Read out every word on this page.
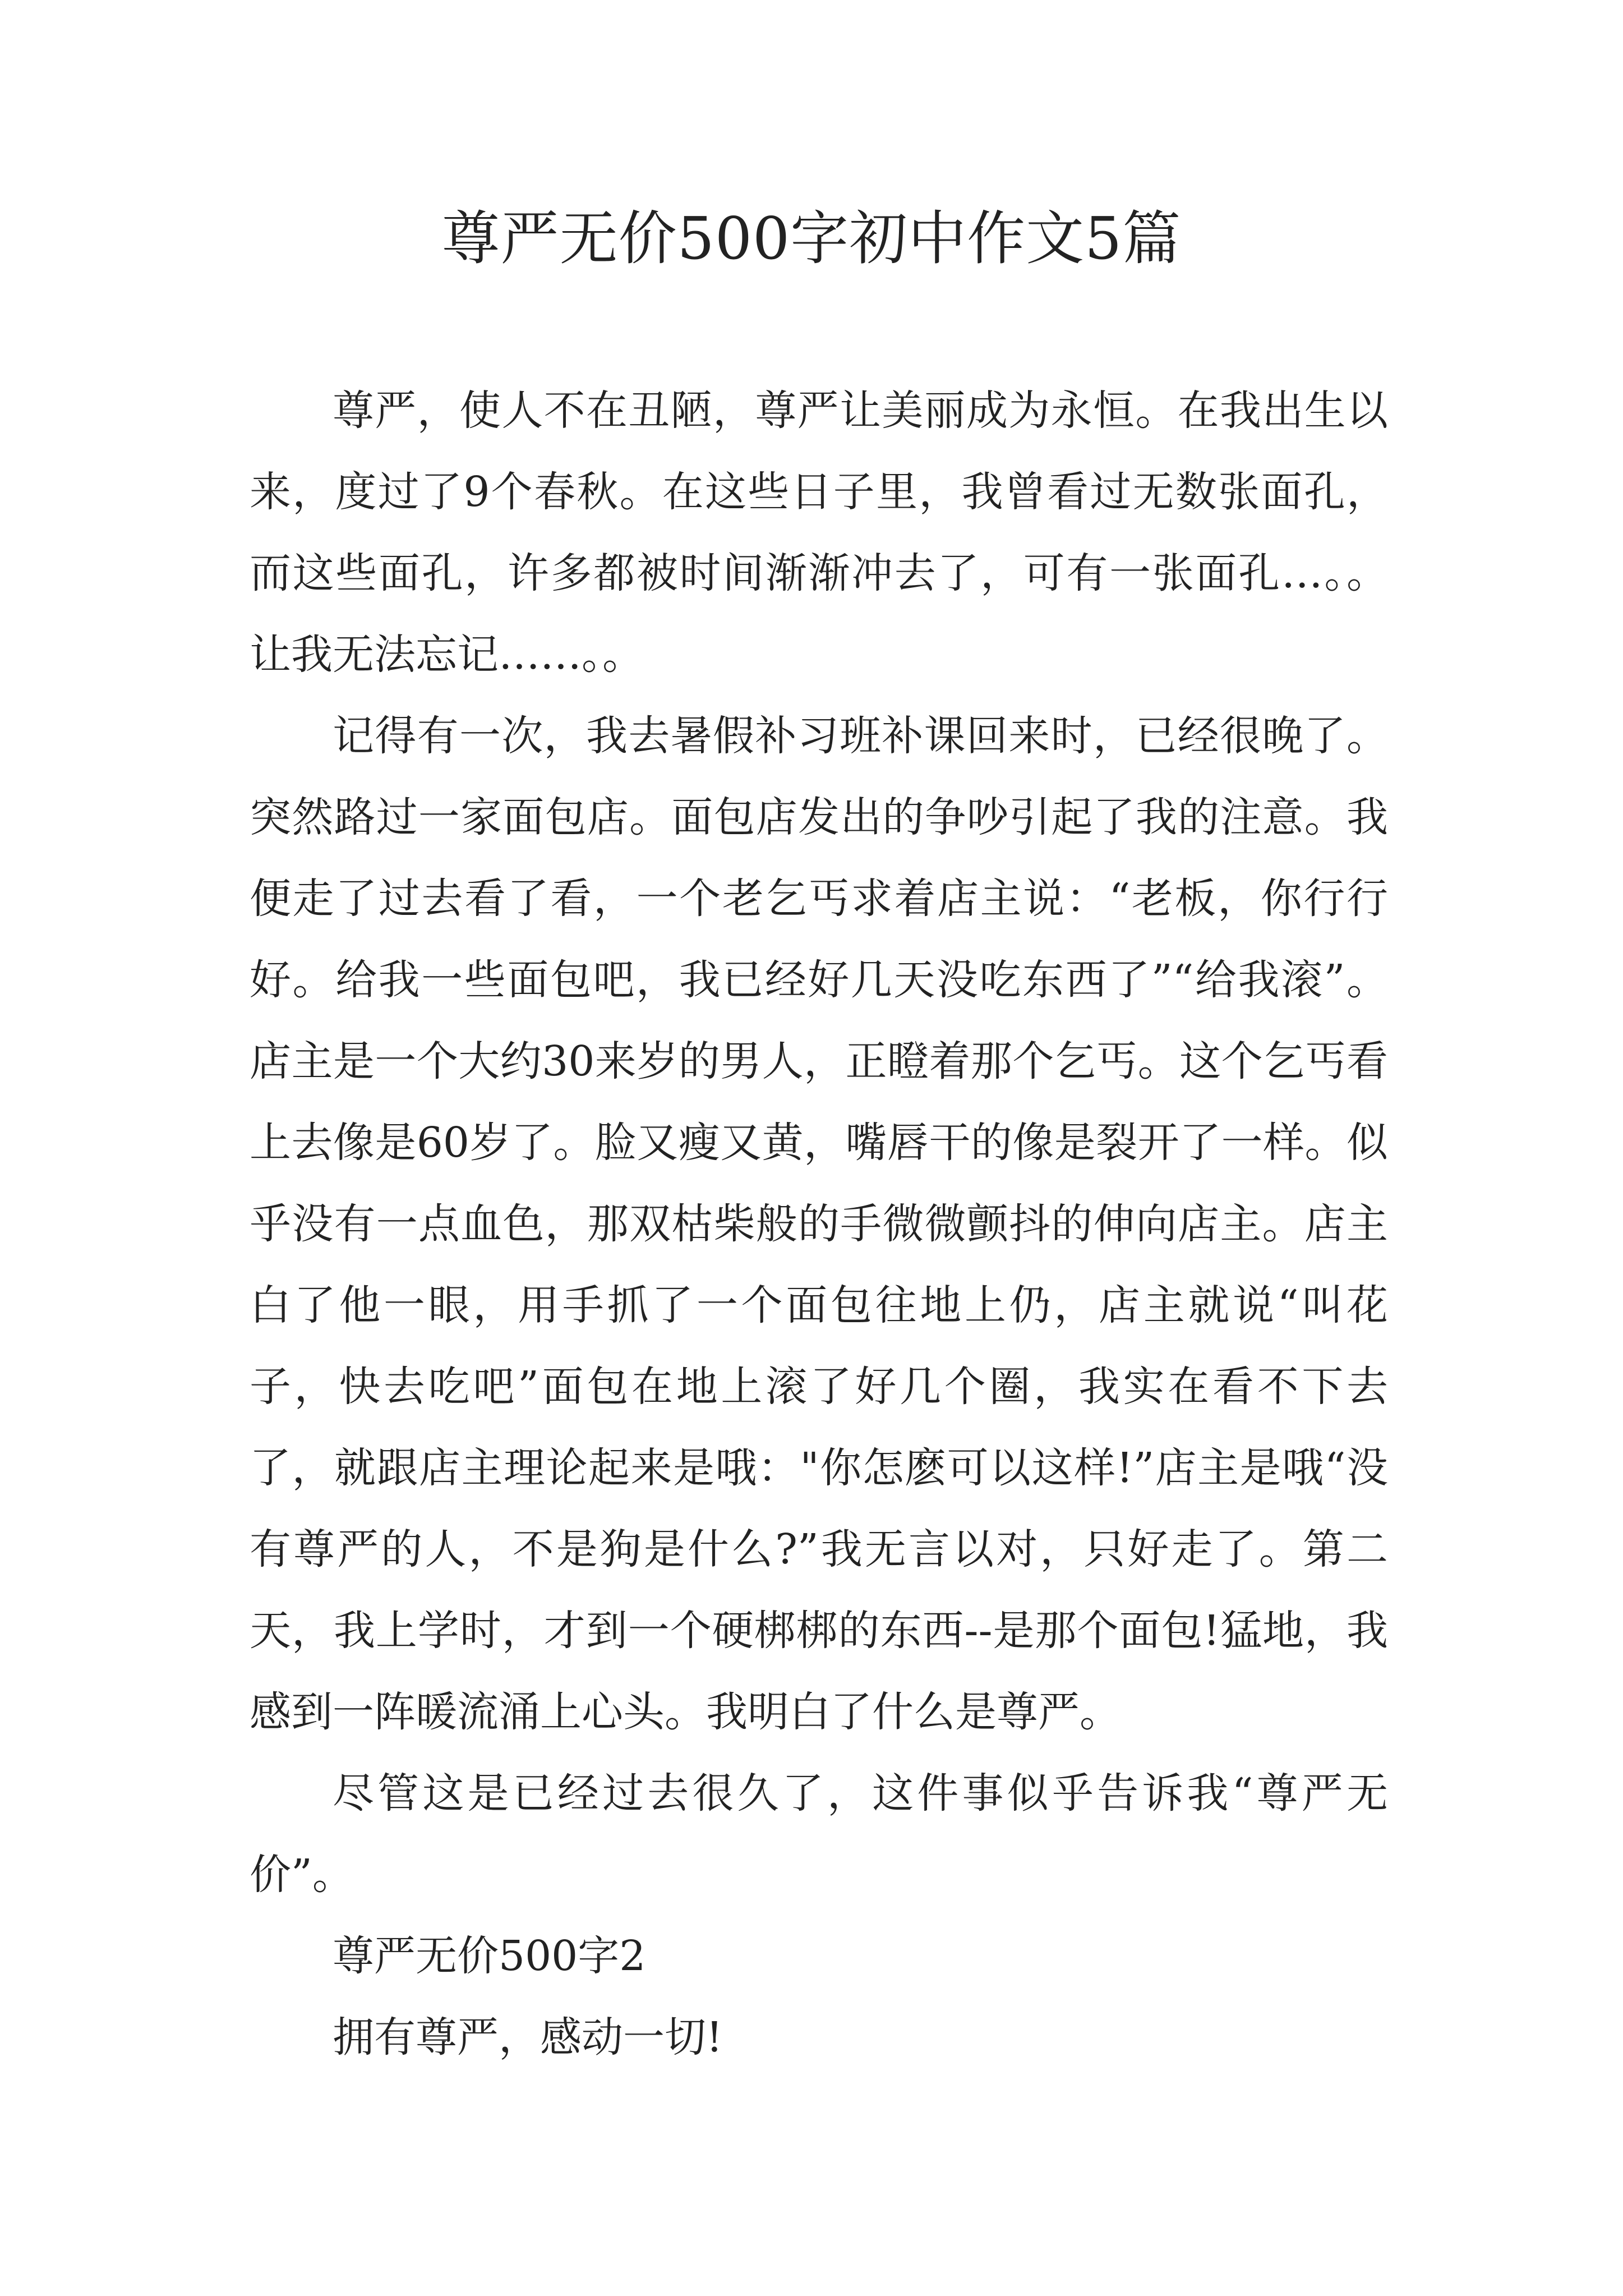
尊严无价500字初中作文5篇

尊严，使人不在丑陋，尊严让美丽成为永恒。在我出生以来，度过了9个春秋。在这些日子里，我曾看过无数张面孔，而这些面孔，许多都被时间渐渐冲去了，可有一张面孔…。。让我无法忘记……。。

记得有一次，我去暑假补习班补课回来时，已经很晚了。突然路过一家面包店。面包店发出的争吵引起了我的注意。我便走了过去看了看，一个老乞丐求着店主说：“老板，你行行好。给我一些面包吧，我已经好几天没吃东西了”“给我滚”。店主是一个大约30来岁的男人，正瞪着那个乞丐。这个乞丐看上去像是60岁了。脸又瘦又黄，嘴唇干的像是裂开了一样。似乎没有一点血色，那双枯柴般的手微微颤抖的伸向店主。店主白了他一眼，用手抓了一个面包往地上仍，店主就说“叫花子，快去吃吧”面包在地上滚了好几个圈，我实在看不下去了，就跟店主理论起来是哦："你怎麽可以这样!”店主是哦“没有尊严的人，不是狗是什么?”我无言以对，只好走了。第二天，我上学时，才到一个硬梆梆的东西--是那个面包!猛地，我感到一阵暖流涌上心头。我明白了什么是尊严。

尽管这是已经过去很久了，这件事似乎告诉我“尊严无价”。

尊严无价500字2

拥有尊严，感动一切!
